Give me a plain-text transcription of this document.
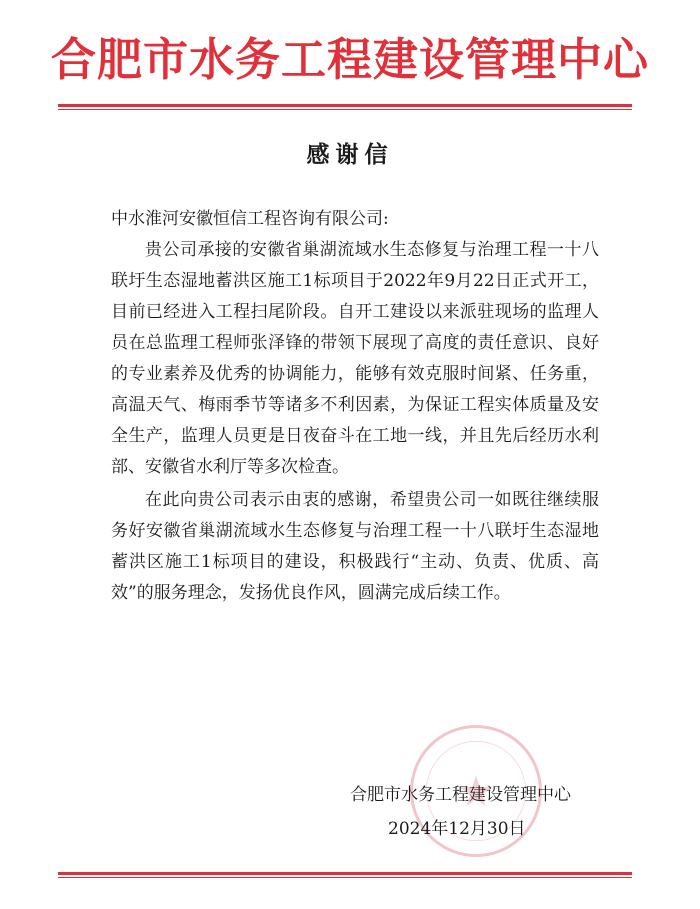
合肥市水务工程建设管理中心
感谢信

中水淮河安徽恒信工程咨询有限公司:

贵公司承接的安徽省巢湖流域水生态修复与治理工程一十八联圩生态湿地蓄洪区施工1标项目于2022年9月22日正式开工，目前已经进入工程扫尾阶段。自开工建设以来派驻现场的监理人员在总监理工程师张泽锋的带领下展现了高度的责任意识、良好的专业素养及优秀的协调能力，能够有效克服时间紧、任务重，高温天气、梅雨季节等诸多不利因素，为保证工程实体质量及安全生产，监理人员更是日夜奋斗在工地一线，并且先后经历水利部、安徽省水利厅等多次检查。

在此向贵公司表示由衷的感谢，希望贵公司一如既往继续服务好安徽省巢湖流域水生态修复与治理工程一十八联圩生态湿地蓄洪区施工1标项目的建设，积极践行“主动、负责、优质、高效”的服务理念，发扬优良作风，圆满完成后续工作。

合肥市水务工程建设管理中心
2024年12月30日
